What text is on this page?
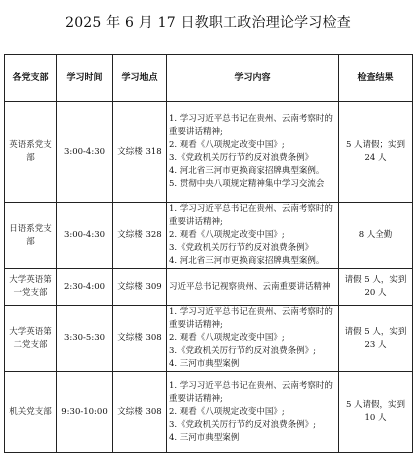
2025 年 6 月 17 日教职工政治理论学习检查
各党支部	学习时间	学习地点	学习内容	检查结果
英语系党支部	3:00-4:30	文综楼 318	1. 学习习近平总书记在贵州、云南考察时的重要讲话精神;
2. 观看《八项规定改变中国》;
3.《党政机关厉行节约反对浪费条例》
4. 河北省三河市更换商家招牌典型案例。
5. 贯彻中央八项规定精神集中学习交流会	5 人请假；实到 24 人
日语系党支部	3:00-4:30	文综楼 328	1. 学习习近平总书记在贵州、云南考察时的重要讲话精神;
2. 观看《八项规定改变中国》;
3.《党政机关厉行节约反对浪费条例》
4. 河北省三河市更换商家招牌典型案例。	8 人全勤
大学英语第一党支部	2:30-4:00	文综楼 309	习近平总书记视察贵州、云南重要讲话精神	请假 5 人，实到 20 人
大学英语第二党支部	3:30-5:30	文综楼 308	1. 学习习近平总书记在贵州、云南考察时的重要讲话精神;
2. 观看《八项规定改变中国》;
3.《党政机关厉行节约反对浪费条例》;
4. 三河市典型案例	请假 5 人，实到 23 人
机关党支部	9:30-10:00	文综楼 308	1. 学习习近平总书记在贵州、云南考察时的重要讲话精神;
2. 观看《八项规定改变中国》;
3.《党政机关厉行节约反对浪费条例》;
4. 三河市典型案例	5 人请假，实到 10 人
